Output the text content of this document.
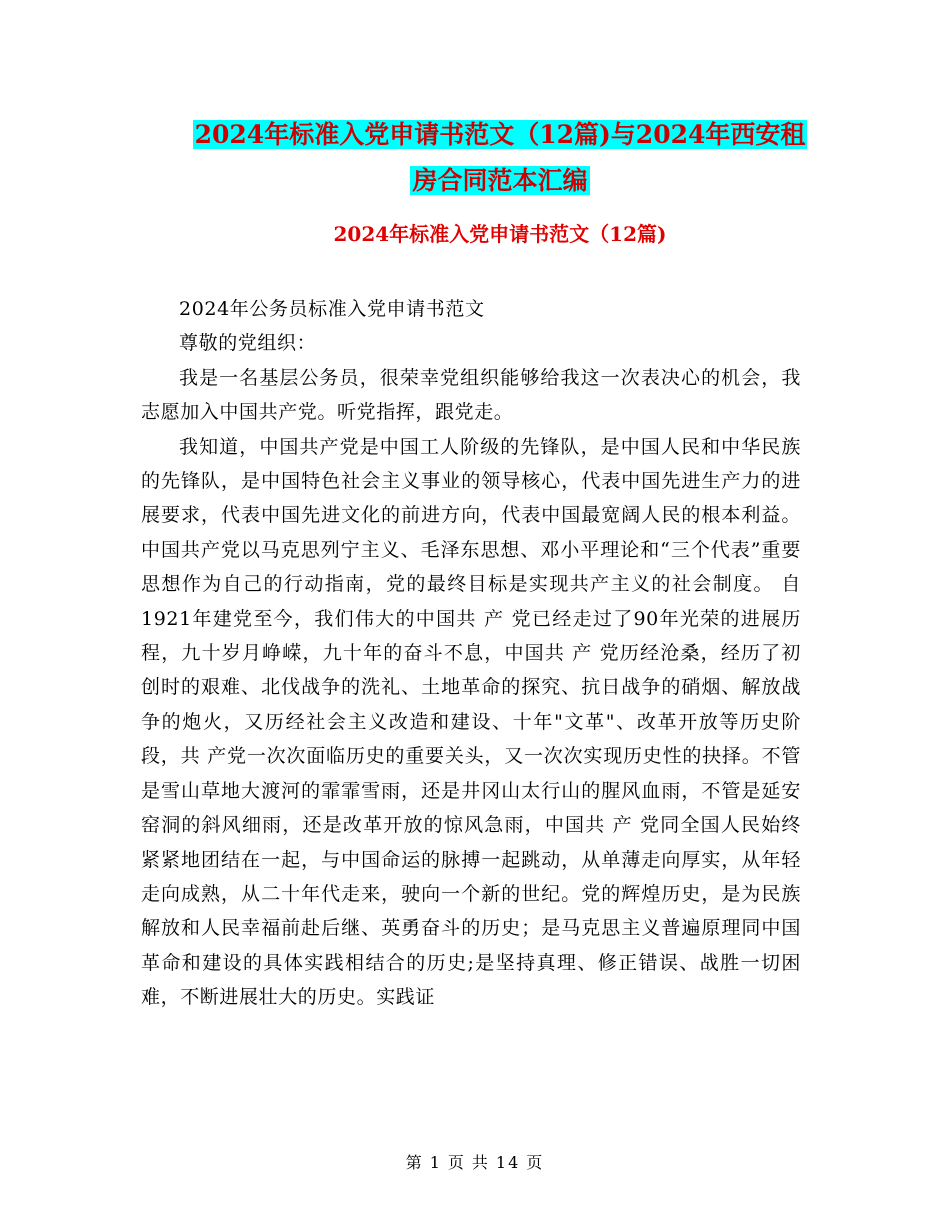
2024年标准入党申请书范文（12篇)与2024年西安租
房合同范本汇编
2024年标准入党申请书范文（12篇)

2024年公务员标准入党申请书范文

尊敬的党组织：

我是一名基层公务员，很荣幸党组织能够给我这一次表决心的机会，我志愿加入中国共产党。听党指挥，跟党走。

我知道，中国共产党是中国工人阶级的先锋队，是中国人民和中华民族的先锋队，是中国特色社会主义事业的领导核心，代表中国先进生产力的进展要求，代表中国先进文化的前进方向，代表中国最宽阔人民的根本利益。中国共产党以马克思列宁主义、毛泽东思想、邓小平理论和“三个代表”重要思想作为自己的行动指南，党的最终目标是实现共产主义的社会制度。 自1921年建党至今，我们伟大的中国共 产 党已经走过了90年光荣的进展历程，九十岁月峥嵘，九十年的奋斗不息，中国共 产 党历经沧桑，经历了初创时的艰难、北伐战争的洗礼、土地革命的探究、抗日战争的硝烟、解放战争的炮火，又历经社会主义改造和建设、十年"文革"、改革开放等历史阶段，共 产党一次次面临历史的重要关头，又一次次实现历史性的抉择。不管是雪山草地大渡河的霏霏雪雨，还是井冈山太行山的腥风血雨，不管是延安窑洞的斜风细雨，还是改革开放的惊风急雨，中国共 产 党同全国人民始终紧紧地团结在一起，与中国命运的脉搏一起跳动，从单薄走向厚实，从年轻走向成熟，从二十年代走来，驶向一个新的世纪。党的辉煌历史，是为民族解放和人民幸福前赴后继、英勇奋斗的历史；是马克思主义普遍原理同中国革命和建设的具体实践相结合的历史;是坚持真理、修正错误、战胜一切困难，不断进展壮大的历史。实践证

第 1 页 共 14 页
